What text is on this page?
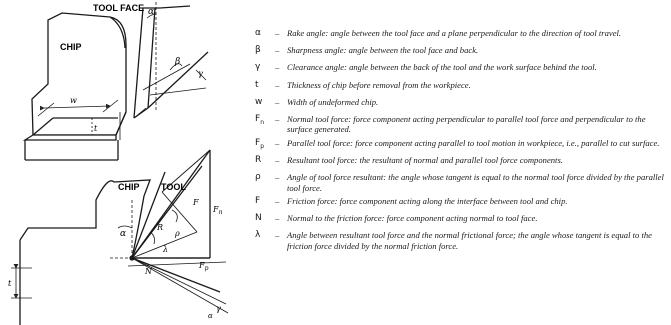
TOOL FACE
CHIP
w
t
α
β
γ
CHIP TOOL
t
α
R
ρ
λ
F
N
$F_n$
$F_p$
γ
α
α	– Rake angle: angle between the tool face and a plane perpendicular to the direction of tool travel.
β	– Sharpness angle: angle between the tool face and back.
γ	– Clearance angle: angle between the back of the tool and the work surface behind the tool.
t	– Thickness of chip before removal from the workpiece.
w	– Width of undeformed chip.
$F_n$	– Normal tool force: force component acting perpendicular to parallel tool force and perpendicular to the surface generated.
$F_p$	– Parallel tool force: force component acting parallel to tool motion in workpiece, i.e., parallel to cut surface.
R	– Resultant tool force: the resultant of normal and parallel tool force components.
ρ	– Angle of tool force resultant: the angle whose tangent is equal to the normal tool force divided by the parallel tool force.
F	– Friction force: force component acting along the interface between tool and chip.
N	– Normal to the friction force: force component acting normal to tool face.
λ	– Angle between resultant tool force and the normal frictional force; the angle whose tangent is equal to the friction force divided by the normal friction force.
